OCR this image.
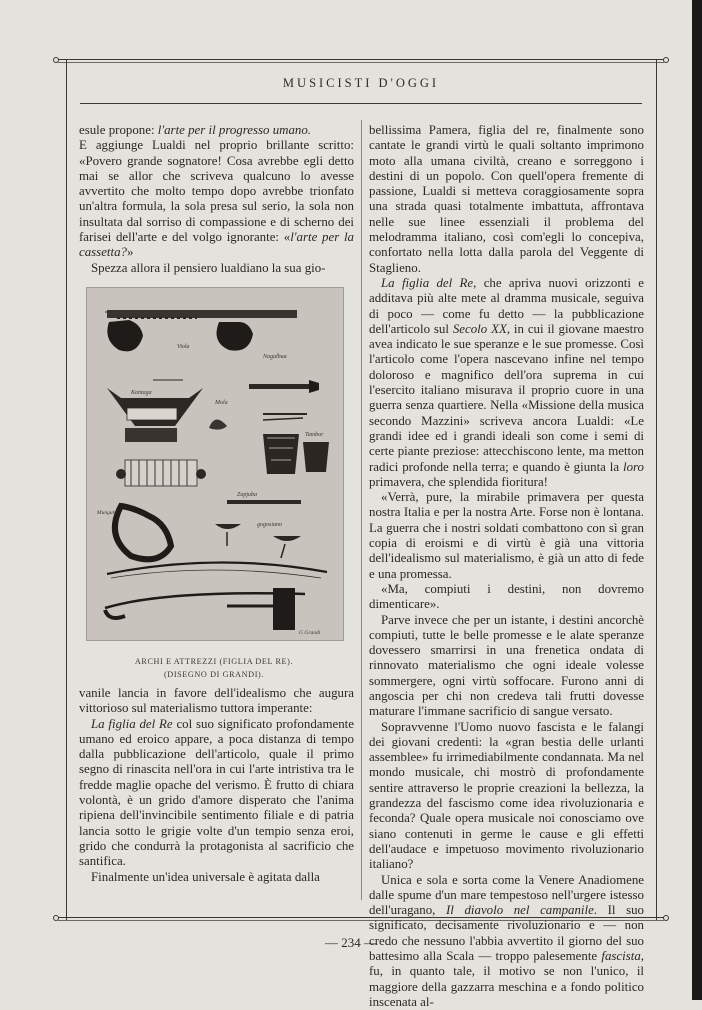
MUSICISTI D'OGGI

esule propone: l'arte per il progresso umano.

E aggiunge Lualdi nel proprio brillante scritto: «Povero grande sognatore! Cosa avrebbe egli detto mai se allor che scriveva qualcuno lo avesse avvertito che molto tempo dopo avrebbe trionfato un'altra formula, la sola presa sul serio, la sola non insultata dal sorriso di compassione e di scherno dei farisei dell'arte e del volgo ignorante: «l'arte per la cassetta?»

Spezza allora il pensiero lualdiano la sua gio-

Viola
Kantaga
Mola
Nagalbua
Tambor
Mungulu
Zapjuba
gogosiano
G Grandi
ARCHI E ATTREZZI (FIGLIA DEL RE).
(DISEGNO DI GRANDI).

vanile lancia in favore dell'idealismo che augura vittorioso sul materialismo tuttora imperante:

La figlia del Re col suo significato profondamente umano ed eroico appare, a poca distanza di tempo dalla pubblicazione dell'articolo, quale il primo segno di rinascita nell'ora in cui l'arte intristiva tra le fredde maglie opache del verismo. È frutto di chiara volontà, è un grido d'amore disperato che l'anima ripiena dell'invincibile sentimento filiale e di patria lancia sotto le grigie volte d'un tempio senza eroi, grido che condurrà la protagonista al sacrificio che santifica.

Finalmente un'idea universale è agitata dalla

bellissima Pamera, figlia del re, finalmente sono cantate le grandi virtù le quali soltanto imprimono moto alla umana civiltà, creano e sorreggono i destini di un popolo. Con quell'opera fremente di passione, Lualdi si metteva coraggiosamente sopra una strada quasi totalmente imbattuta, affrontava nelle sue linee essenziali il problema del melodramma italiano, così com'egli lo concepiva, confortato nella lotta dalla parola del Veggente di Staglieno.

La figlia del Re, che apriva nuovi orizzonti e additava più alte mete al dramma musicale, seguiva di poco — come fu detto — la pubblicazione dell'articolo sul Secolo XX, in cui il giovane maestro avea indicato le sue speranze e le sue promesse. Così l'articolo come l'opera nascevano infine nel tempo doloroso e magnifico dell'ora suprema in cui l'esercito italiano misurava il proprio cuore in una guerra senza quartiere. Nella «Missione della musica secondo Mazzini» scriveva ancora Lualdi: «Le grandi idee ed i grandi ideali son come i semi di certe piante preziose: attecchiscono lente, ma metton radici profonde nella terra; e quando è giunta la loro primavera, che splendida fioritura!

«Verrà, pure, la mirabile primavera per questa nostra Italia e per la nostra Arte. Forse non è lontana. La guerra che i nostri soldati combattono con sì gran copia di eroismi e di virtù è già una vittoria dell'idealismo sul materialismo, è già un atto di fede e una promessa.

«Ma, compiuti i destini, non dovremo dimenticare».

Parve invece che per un istante, i destini ancorchè compiuti, tutte le belle promesse e le alate speranze dovessero smarrirsi in una frenetica ondata di rinnovato materialismo che ogni ideale volesse sommergere, ogni virtù soffocare. Furono anni di angoscia per chi non credeva tali frutti dovesse maturare l'immane sacrificio di sangue versato.

Sopravvenne l'Uomo nuovo fascista e le falangi dei giovani credenti: la «gran bestia delle urlanti assemblee» fu irrimediabilmente condannata. Ma nel mondo musicale, chi mostrò di profondamente sentire attraverso le proprie creazioni la bellezza, la grandezza del fascismo come idea rivoluzionaria e feconda? Quale opera musicale noi conosciamo ove siano contenuti in germe le cause e gli effetti dell'audace e impetuoso movimento rivoluzionario italiano?

Unica e sola e sorta come la Venere Anadiomene dalle spume d'un mare tempestoso nell'urgere istesso dell'uragano, Il diavolo nel campanile. Il suo significato, decisamente rivoluzionario e — non credo che nessuno l'abbia avvertito il giorno del suo battesimo alla Scala — troppo palesemente fascista, fu, in quanto tale, il motivo se non l'unico, il maggiore della gazzarra meschina e a fondo politico inscenata al-

— 234 —
